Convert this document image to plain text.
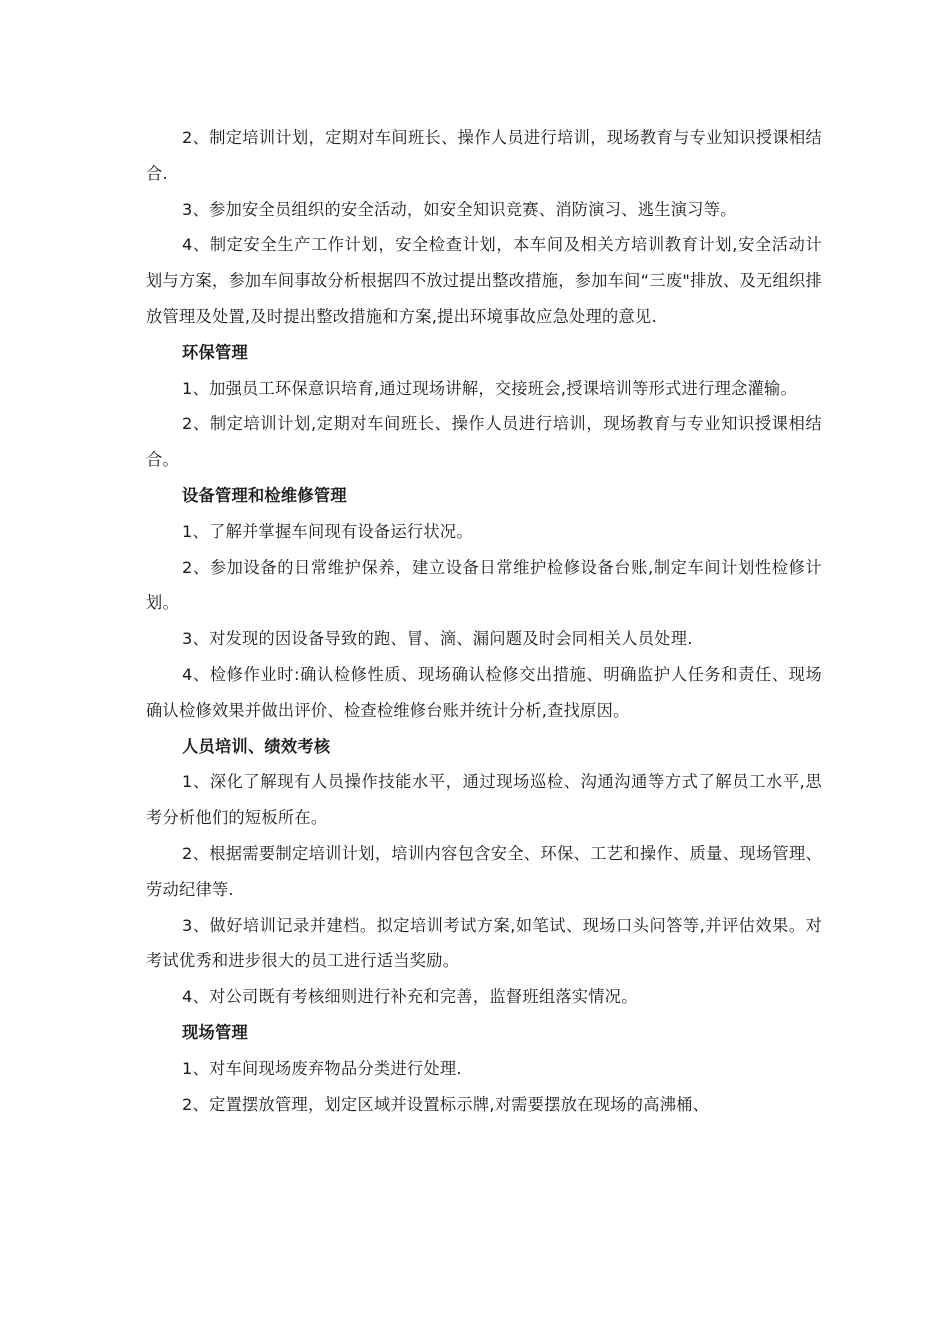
2、制定培训计划，定期对车间班长、操作人员进行培训，现场教育与专业知识授课相结合.

3、参加安全员组织的安全活动，如安全知识竞赛、消防演习、逃生演习等。

4、制定安全生产工作计划，安全检查计划，本车间及相关方培训教育计划,安全活动计划与方案，参加车间事故分析根据四不放过提出整改措施，参加车间“三废"排放、及无组织排放管理及处置,及时提出整改措施和方案,提出环境事故应急处理的意见.

环保管理

1、加强员工环保意识培育,通过现场讲解，交接班会,授课培训等形式进行理念灌输。

2、制定培训计划,定期对车间班长、操作人员进行培训，现场教育与专业知识授课相结合。

设备管理和检维修管理

1、了解并掌握车间现有设备运行状况。

2、参加设备的日常维护保养，建立设备日常维护检修设备台账,制定车间计划性检修计划。

3、对发现的因设备导致的跑、冒、滴、漏问题及时会同相关人员处理.

4、检修作业时:确认检修性质、现场确认检修交出措施、明确监护人任务和责任、现场确认检修效果并做出评价、检查检维修台账并统计分析,查找原因。

人员培训、绩效考核

1、深化了解现有人员操作技能水平，通过现场巡检、沟通沟通等方式了解员工水平,思考分析他们的短板所在。

2、根据需要制定培训计划，培训内容包含安全、环保、工艺和操作、质量、现场管理、劳动纪律等.

3、做好培训记录并建档。拟定培训考试方案,如笔试、现场口头问答等,并评估效果。对考试优秀和进步很大的员工进行适当奖励。

4、对公司既有考核细则进行补充和完善，监督班组落实情况。

现场管理

1、对车间现场废弃物品分类进行处理.

2、定置摆放管理，划定区域并设置标示牌,对需要摆放在现场的高沸桶、
